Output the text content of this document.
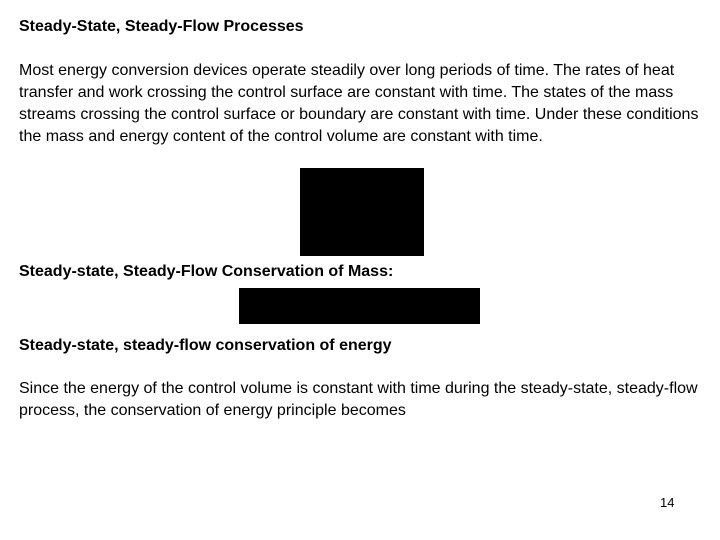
Steady-State, Steady-Flow Processes

Most energy conversion devices operate steadily over long periods of time. The rates of heat transfer and work crossing the control surface are constant with time. The states of the mass streams crossing the control surface or boundary are constant with time. Under these conditions the mass and energy content of the control volume are constant with time.

Steady-state, Steady-Flow Conservation of Mass:
Steady-state, steady-flow conservation of energy

Since the energy of the control volume is constant with time during the steady-state, steady-flow process, the conservation of energy principle becomes

14
